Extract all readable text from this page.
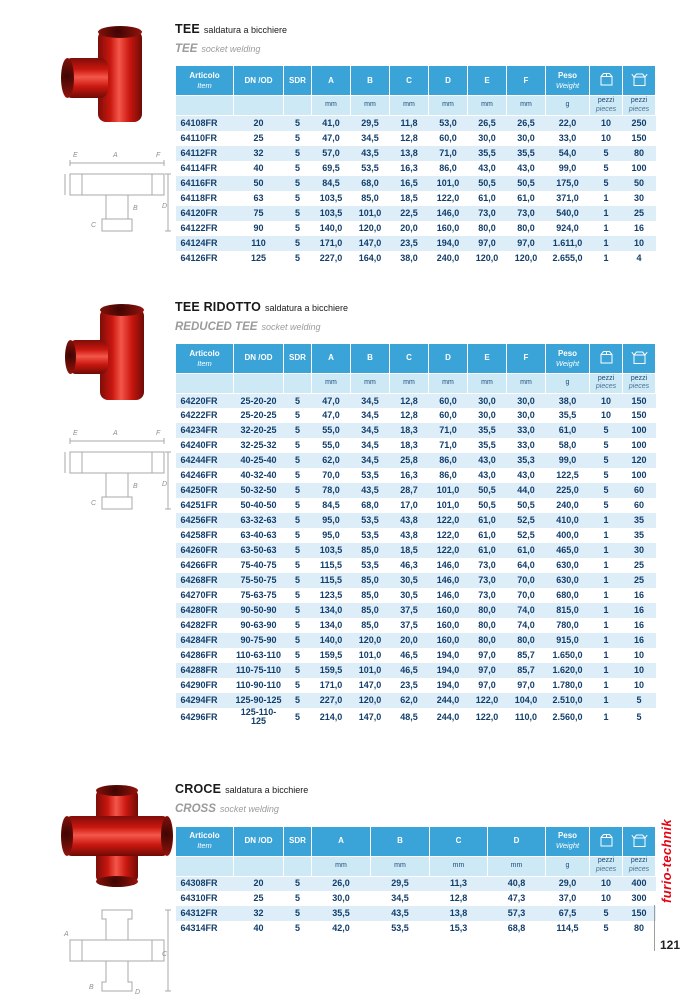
A	F
E
B
C
D
TEE saldatura a bicchiere
TEE socket welding
Articolo
Item

DN /OD	SDR	A	B	C	D	E	F

Peso
Weight

			mm	mm	mm	mm	mm	mm	g	
pezzi
pieces

pezzi
pieces

64108FR	20	5	41,0	29,5	11,8	53,0	26,5	26,5	22,0	10	250
64110FR	25	5	47,0	34,5	12,8	60,0	30,0	30,0	33,0	10	150
64112FR	32	5	57,0	43,5	13,8	71,0	35,5	35,5	54,0	5	80
64114FR	40	5	69,5	53,5	16,3	86,0	43,0	43,0	99,0	5	100
64116FR	50	5	84,5	68,0	16,5	101,0	50,5	50,5	175,0	5	50
64118FR	63	5	103,5	85,0	18,5	122,0	61,0	61,0	371,0	1	30
64120FR	75	5	103,5	101,0	22,5	146,0	73,0	73,0	540,0	1	25
64122FR	90	5	140,0	120,0	20,0	160,0	80,0	80,0	924,0	1	16
64124FR	110	5	171,0	147,0	23,5	194,0	97,0	97,0	1.611,0	1	10
64126FR	125	5	227,0	164,0	38,0	240,0	120,0	120,0	2.655,0	1	4
A	F
E
B
C
D
TEE RIDOTTO saldatura a bicchiere
REDUCED TEE socket welding
Articolo
Item

DN /OD	SDR	A	B	C	D	E	F

Peso
Weight

			mm	mm	mm	mm	mm	mm	g	
pezzi
pieces

pezzi
pieces

64220FR	25-20-20	5	47,0	34,5	12,8	60,0	30,0	30,0	38,0	10	150
64222FR	25-20-25	5	47,0	34,5	12,8	60,0	30,0	30,0	35,5	10	150
64234FR	32-20-25	5	55,0	34,5	18,3	71,0	35,5	33,0	61,0	5	100
64240FR	32-25-32	5	55,0	34,5	18,3	71,0	35,5	33,0	58,0	5	100
64244FR	40-25-40	5	62,0	34,5	25,8	86,0	43,0	35,3	99,0	5	120
64246FR	40-32-40	5	70,0	53,5	16,3	86,0	43,0	43,0	122,5	5	100
64250FR	50-32-50	5	78,0	43,5	28,7	101,0	50,5	44,0	225,0	5	60
64251FR	50-40-50	5	84,5	68,0	17,0	101,0	50,5	50,5	240,0	5	60
64256FR	63-32-63	5	95,0	53,5	43,8	122,0	61,0	52,5	410,0	1	35
64258FR	63-40-63	5	95,0	53,5	43,8	122,0	61,0	52,5	400,0	1	35
64260FR	63-50-63	5	103,5	85,0	18,5	122,0	61,0	61,0	465,0	1	30
64266FR	75-40-75	5	115,5	53,5	46,3	146,0	73,0	64,0	630,0	1	25
64268FR	75-50-75	5	115,5	85,0	30,5	146,0	73,0	70,0	630,0	1	25
64270FR	75-63-75	5	123,5	85,0	30,5	146,0	73,0	70,0	680,0	1	16
64280FR	90-50-90	5	134,0	85,0	37,5	160,0	80,0	74,0	815,0	1	16
64282FR	90-63-90	5	134,0	85,0	37,5	160,0	80,0	74,0	780,0	1	16
64284FR	90-75-90	5	140,0	120,0	20,0	160,0	80,0	80,0	915,0	1	16
64286FR	110-63-110	5	159,5	101,0	46,5	194,0	97,0	85,7	1.650,0	1	10
64288FR	110-75-110	5	159,5	101,0	46,5	194,0	97,0	85,7	1.620,0	1	10
64290FR	110-90-110	5	171,0	147,0	23,5	194,0	97,0	97,0	1.780,0	1	10
64294FR	125-90-125	5	227,0	120,0	62,0	244,0	122,0	104,0	2.510,0	1	5
64296FR	125-110-125	5	214,0	147,0	48,5	244,0	122,0	110,0	2.560,0	1	5
A
B
D
C
CROCE saldatura a bicchiere
CROSS socket welding
Articolo
Item

DN /OD	SDR	A	B	C	D

Peso
Weight

			mm	mm	mm	mm	g	
pezzi
pieces

pezzi
pieces

64308FR	20	5	26,0	29,5	11,3	40,8	29,0	10	400
64310FR	25	5	30,0	34,5	12,8	47,3	37,0	10	300
64312FR	32	5	35,5	43,5	13,8	57,3	67,5	5	150
64314FR	40	5	42,0	53,5	15,3	68,8	114,5	5	80
furio-technik
121
